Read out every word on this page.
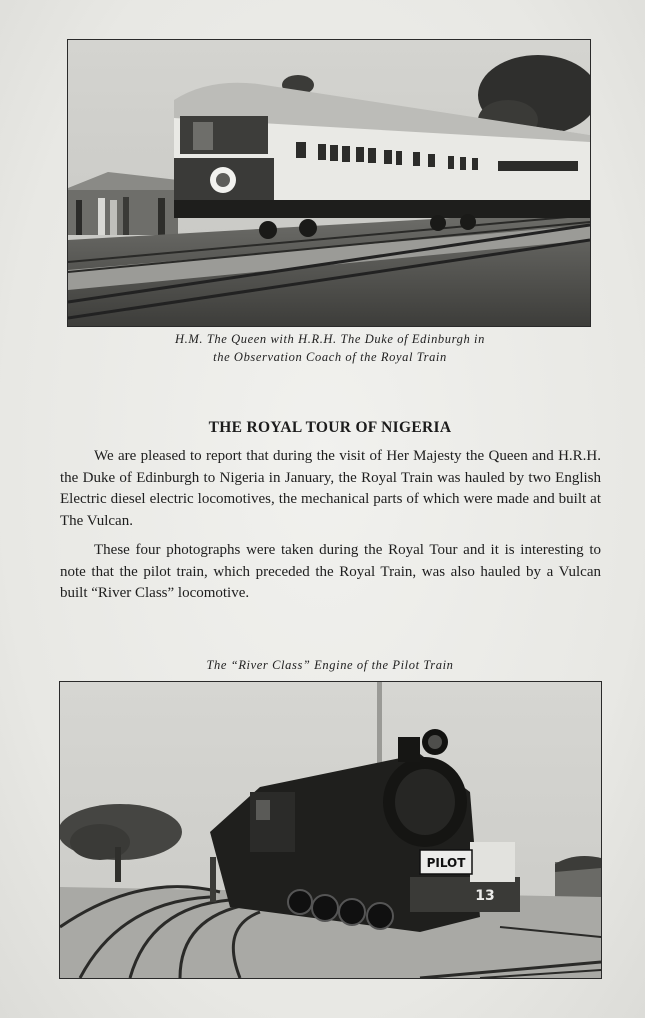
H.M. The Queen with H.R.H. The Duke of Edinburgh in
the Observation Coach of the Royal Train
THE ROYAL TOUR OF NIGERIA
We are pleased to report that during the visit of Her Majesty the Queen and H.R.H. the Duke of Edinburgh to Nigeria in January, the Royal Train was hauled by two English Electric diesel electric locomotives, the mechanical parts of which were made and built at The Vulcan.
These four photographs were taken during the Royal Tour and it is interesting to note that the pilot train, which preceded the Royal Train, was also hauled by a Vulcan built “River Class” locomotive.
The “River Class” Engine of the Pilot Train
PILOT
13
